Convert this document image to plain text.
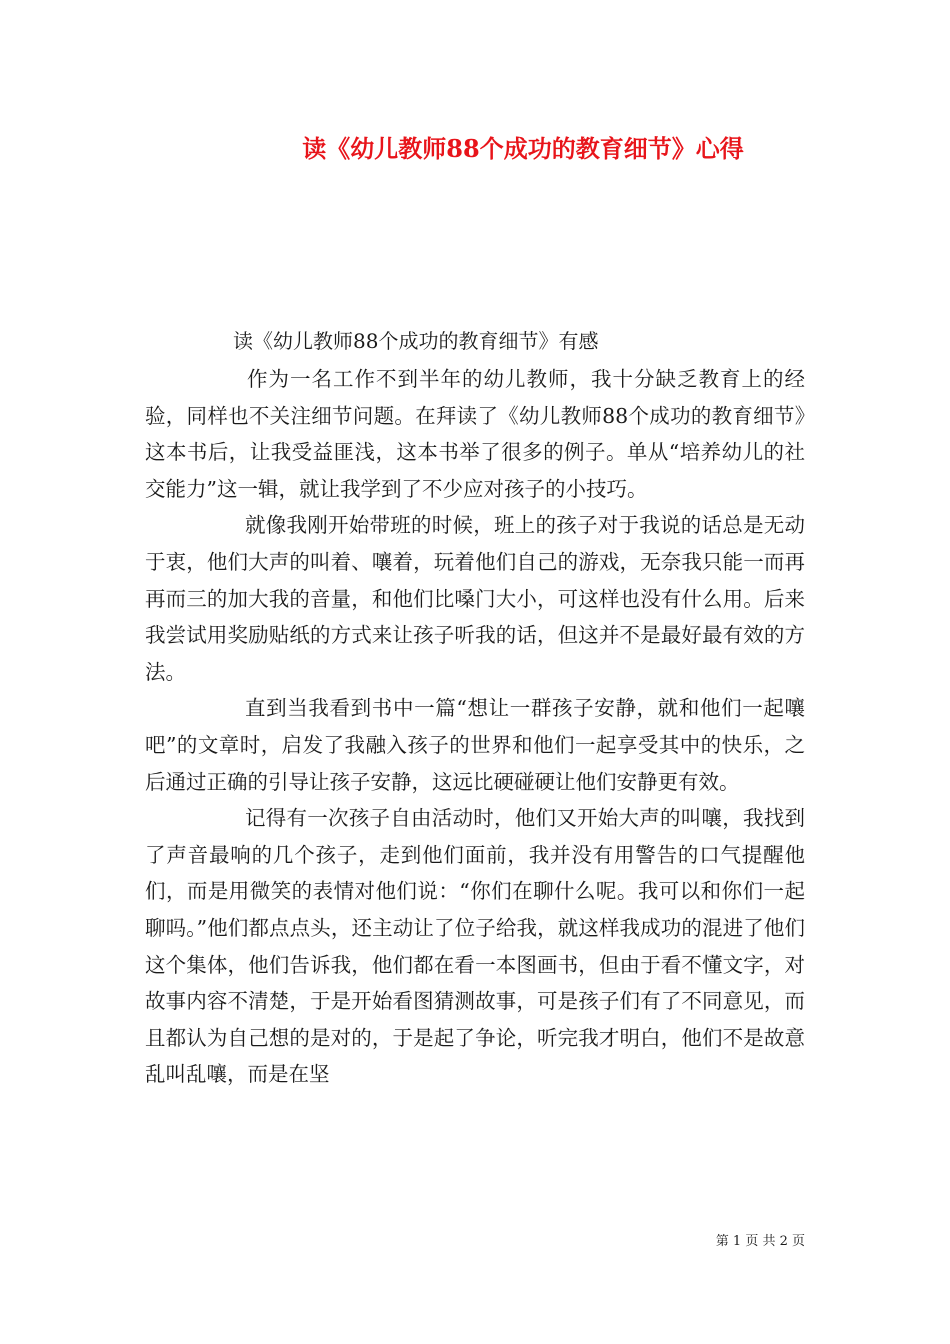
读《幼儿教师88个成功的教育细节》心得
读《幼儿教师88个成功的教育细节》有感

作为一名工作不到半年的幼儿教师，我十分缺乏教育上的经验，同样也不关注细节问题。在拜读了《幼儿教师88个成功的教育细节》这本书后，让我受益匪浅，这本书举了很多的例子。单从“培养幼儿的社交能力”这一辑，就让我学到了不少应对孩子的小技巧。

就像我刚开始带班的时候，班上的孩子对于我说的话总是无动于衷，他们大声的叫着、嚷着，玩着他们自己的游戏，无奈我只能一而再再而三的加大我的音量，和他们比嗓门大小，可这样也没有什么用。后来我尝试用奖励贴纸的方式来让孩子听我的话，但这并不是最好最有效的方法。

直到当我看到书中一篇“想让一群孩子安静，就和他们一起嚷吧”的文章时，启发了我融入孩子的世界和他们一起享受其中的快乐，之后通过正确的引导让孩子安静，这远比硬碰硬让他们安静更有效。

记得有一次孩子自由活动时，他们又开始大声的叫嚷，我找到了声音最响的几个孩子，走到他们面前，我并没有用警告的口气提醒他们，而是用微笑的表情对他们说：“你们在聊什么呢。我可以和你们一起聊吗。”他们都点点头，还主动让了位子给我，就这样我成功的混进了他们这个集体，他们告诉我，他们都在看一本图画书，但由于看不懂文字，对故事内容不清楚，于是开始看图猜测故事，可是孩子们有了不同意见，而且都认为自己想的是对的，于是起了争论，听完我才明白，他们不是故意乱叫乱嚷，而是在坚

第 1 页 共 2 页
